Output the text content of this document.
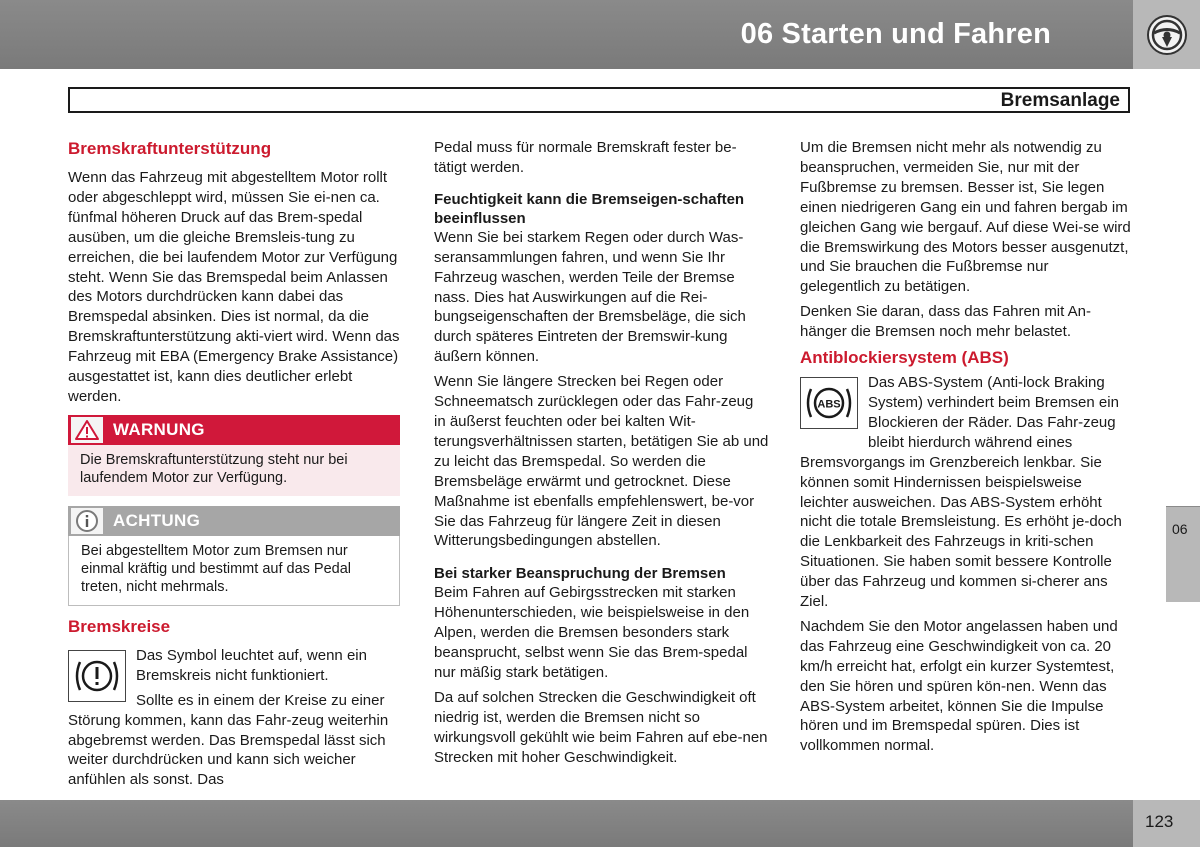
06 Starten und Fahren
Bremsanlage
Bremskraftunterstützung

Wenn das Fahrzeug mit abgestelltem Motor rollt oder abgeschleppt wird, müssen Sie ei-nen ca. fünfmal höheren Druck auf das Brem-spedal ausüben, um die gleiche Bremsleis-tung zu erreichen, die bei laufendem Motor zur Verfügung steht. Wenn Sie das Bremspedal beim Anlassen des Motors durchdrücken kann dabei das Bremspedal absinken. Dies ist normal, da die Bremskraftunterstützung akti-viert wird. Wenn das Fahrzeug mit EBA (Emergency Brake Assistance) ausgestattet ist, kann dies deutlicher erlebt werden.

WARNUNG
Die Bremskraftunterstützung steht nur bei laufendem Motor zur Verfügung.
ACHTUNG
Bei abgestelltem Motor zum Bremsen nur einmal kräftig und bestimmt auf das Pedal treten, nicht mehrmals.
Bremskreise

Das Symbol leuchtet auf, wenn ein Bremskreis nicht funktioniert.

Sollte es in einem der Kreise zu einer Störung kommen, kann das Fahr-zeug weiterhin abgebremst werden. Das Bremspedal lässt sich weiter durchdrücken und kann sich weicher anfühlen als sonst. Das

Pedal muss für normale Bremskraft fester be-tätigt werden.

Feuchtigkeit kann die Bremseigen-schaften beeinflussen

Wenn Sie bei starkem Regen oder durch Was-seransammlungen fahren, und wenn Sie Ihr Fahrzeug waschen, werden Teile der Bremse nass. Dies hat Auswirkungen auf die Rei-bungseigenschaften der Bremsbeläge, die sich durch späteres Eintreten der Bremswir-kung äußern können.

Wenn Sie längere Strecken bei Regen oder Schneematsch zurücklegen oder das Fahr-zeug in äußerst feuchten oder bei kalten Wit-terungsverhältnissen starten, betätigen Sie ab und zu leicht das Bremspedal. So werden die Bremsbeläge erwärmt und getrocknet. Diese Maßnahme ist ebenfalls empfehlenswert, be-vor Sie das Fahrzeug für längere Zeit in diesen Witterungsbedingungen abstellen.

Bei starker Beanspruchung der Bremsen

Beim Fahren auf Gebirgsstrecken mit starken Höhenunterschieden, wie beispielsweise in den Alpen, werden die Bremsen besonders stark beansprucht, selbst wenn Sie das Brem-spedal nur mäßig stark betätigen.

Da auf solchen Strecken die Geschwindigkeit oft niedrig ist, werden die Bremsen nicht so wirkungsvoll gekühlt wie beim Fahren auf ebe-nen Strecken mit hoher Geschwindigkeit.

Um die Bremsen nicht mehr als notwendig zu beanspruchen, vermeiden Sie, nur mit der Fußbremse zu bremsen. Besser ist, Sie legen einen niedrigeren Gang ein und fahren bergab im gleichen Gang wie bergauf. Auf diese Wei-se wird die Bremswirkung des Motors besser ausgenutzt, und Sie brauchen die Fußbremse nur gelegentlich zu betätigen.

Denken Sie daran, dass das Fahren mit An-hänger die Bremsen noch mehr belastet.

Antiblockiersystem (ABS)
ABS

Das ABS-System (Anti-lock Braking System) verhindert beim Bremsen ein Blockieren der Räder. Das Fahr-zeug bleibt hierdurch während eines Bremsvorgangs im Grenzbereich lenkbar. Sie können somit Hindernissen beispielsweise leichter ausweichen. Das ABS-System erhöht nicht die totale Bremsleistung. Es erhöht je-doch die Lenkbarkeit des Fahrzeugs in kriti-schen Situationen. Sie haben somit bessere Kontrolle über das Fahrzeug und kommen si-cherer ans Ziel.

Nachdem Sie den Motor angelassen haben und das Fahrzeug eine Geschwindigkeit von ca. 20 km/h erreicht hat, erfolgt ein kurzer Systemtest, den Sie hören und spüren kön-nen. Wenn das ABS-System arbeitet, können Sie die Impulse hören und im Bremspedal spüren. Dies ist vollkommen normal.

06
123
